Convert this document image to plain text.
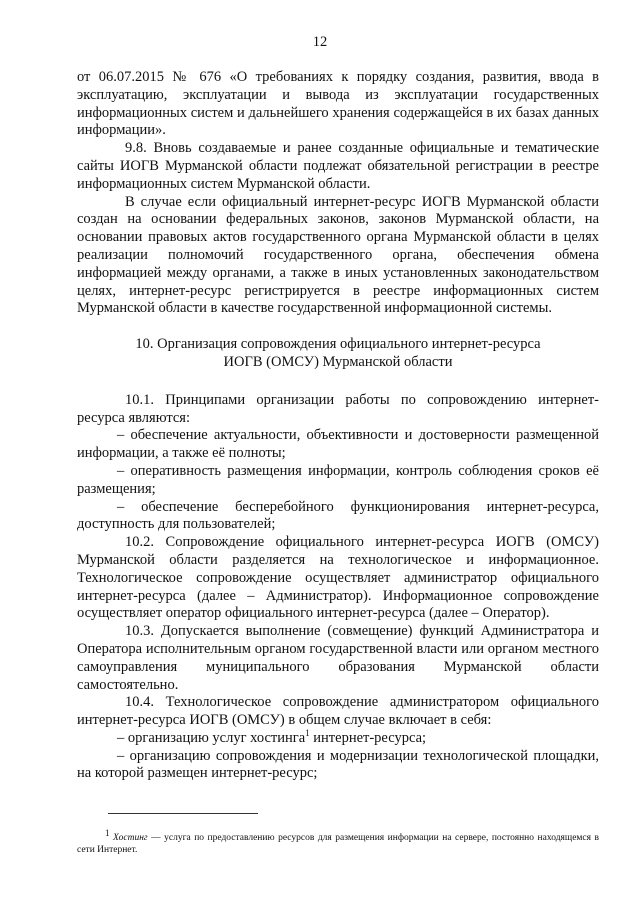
12

от 06.07.2015 № 676 «О требованиях к порядку создания, развития, ввода в эксплуатацию, эксплуатации и вывода из эксплуатации государственных информационных систем и дальнейшего хранения содержащейся в их базах данных информации».

9.8. Вновь создаваемые и ранее созданные официальные и тематические сайты ИОГВ Мурманской области подлежат обязательной регистрации в реестре информационных систем Мурманской области.

В случае если официальный интернет-ресурс ИОГВ Мурманской области создан на основании федеральных законов, законов Мурманской области, на основании правовых актов государственного органа Мурманской области в целях реализации полномочий государственного органа, обеспечения обмена информацией между органами, а также в иных установленных законодательством целях, интернет-ресурс регистрируется в реестре информационных систем Мурманской области в качестве государственной информационной системы.

10. Организация сопровождения официального интернет-ресурса
ИОГВ (ОМСУ) Мурманской области

10.1. Принципами организации работы по сопровождению интернет-ресурса являются:

– обеспечение актуальности, объективности и достоверности размещенной информации, а также её полноты;

– оперативность размещения информации, контроль соблюдения сроков её размещения;

– обеспечение бесперебойного функционирования интернет-ресурса, доступность для пользователей;

10.2. Сопровождение официального интернет-ресурса ИОГВ (ОМСУ) Мурманской области разделяется на технологическое и информационное. Технологическое сопровождение осуществляет администратор официального интернет-ресурса (далее – Администратор). Информационное сопровождение осуществляет оператор официального интернет-ресурса (далее – Оператор).

10.3. Допускается выполнение (совмещение) функций Администратора и Оператора исполнительным органом государственной власти или органом местного самоуправления муниципального образования Мурманской области самостоятельно.

10.4. Технологическое сопровождение администратором официального интернет-ресурса ИОГВ (ОМСУ) в общем случае включает в себя:

– организацию услуг хостинга$^1$ интернет-ресурса;

– организацию сопровождения и модернизации технологической площадки, на которой размещен интернет-ресурс;

1 Хостинг — услуга по предоставлению ресурсов для размещения информации на сервере, постоянно находящемся в сети Интернет.
